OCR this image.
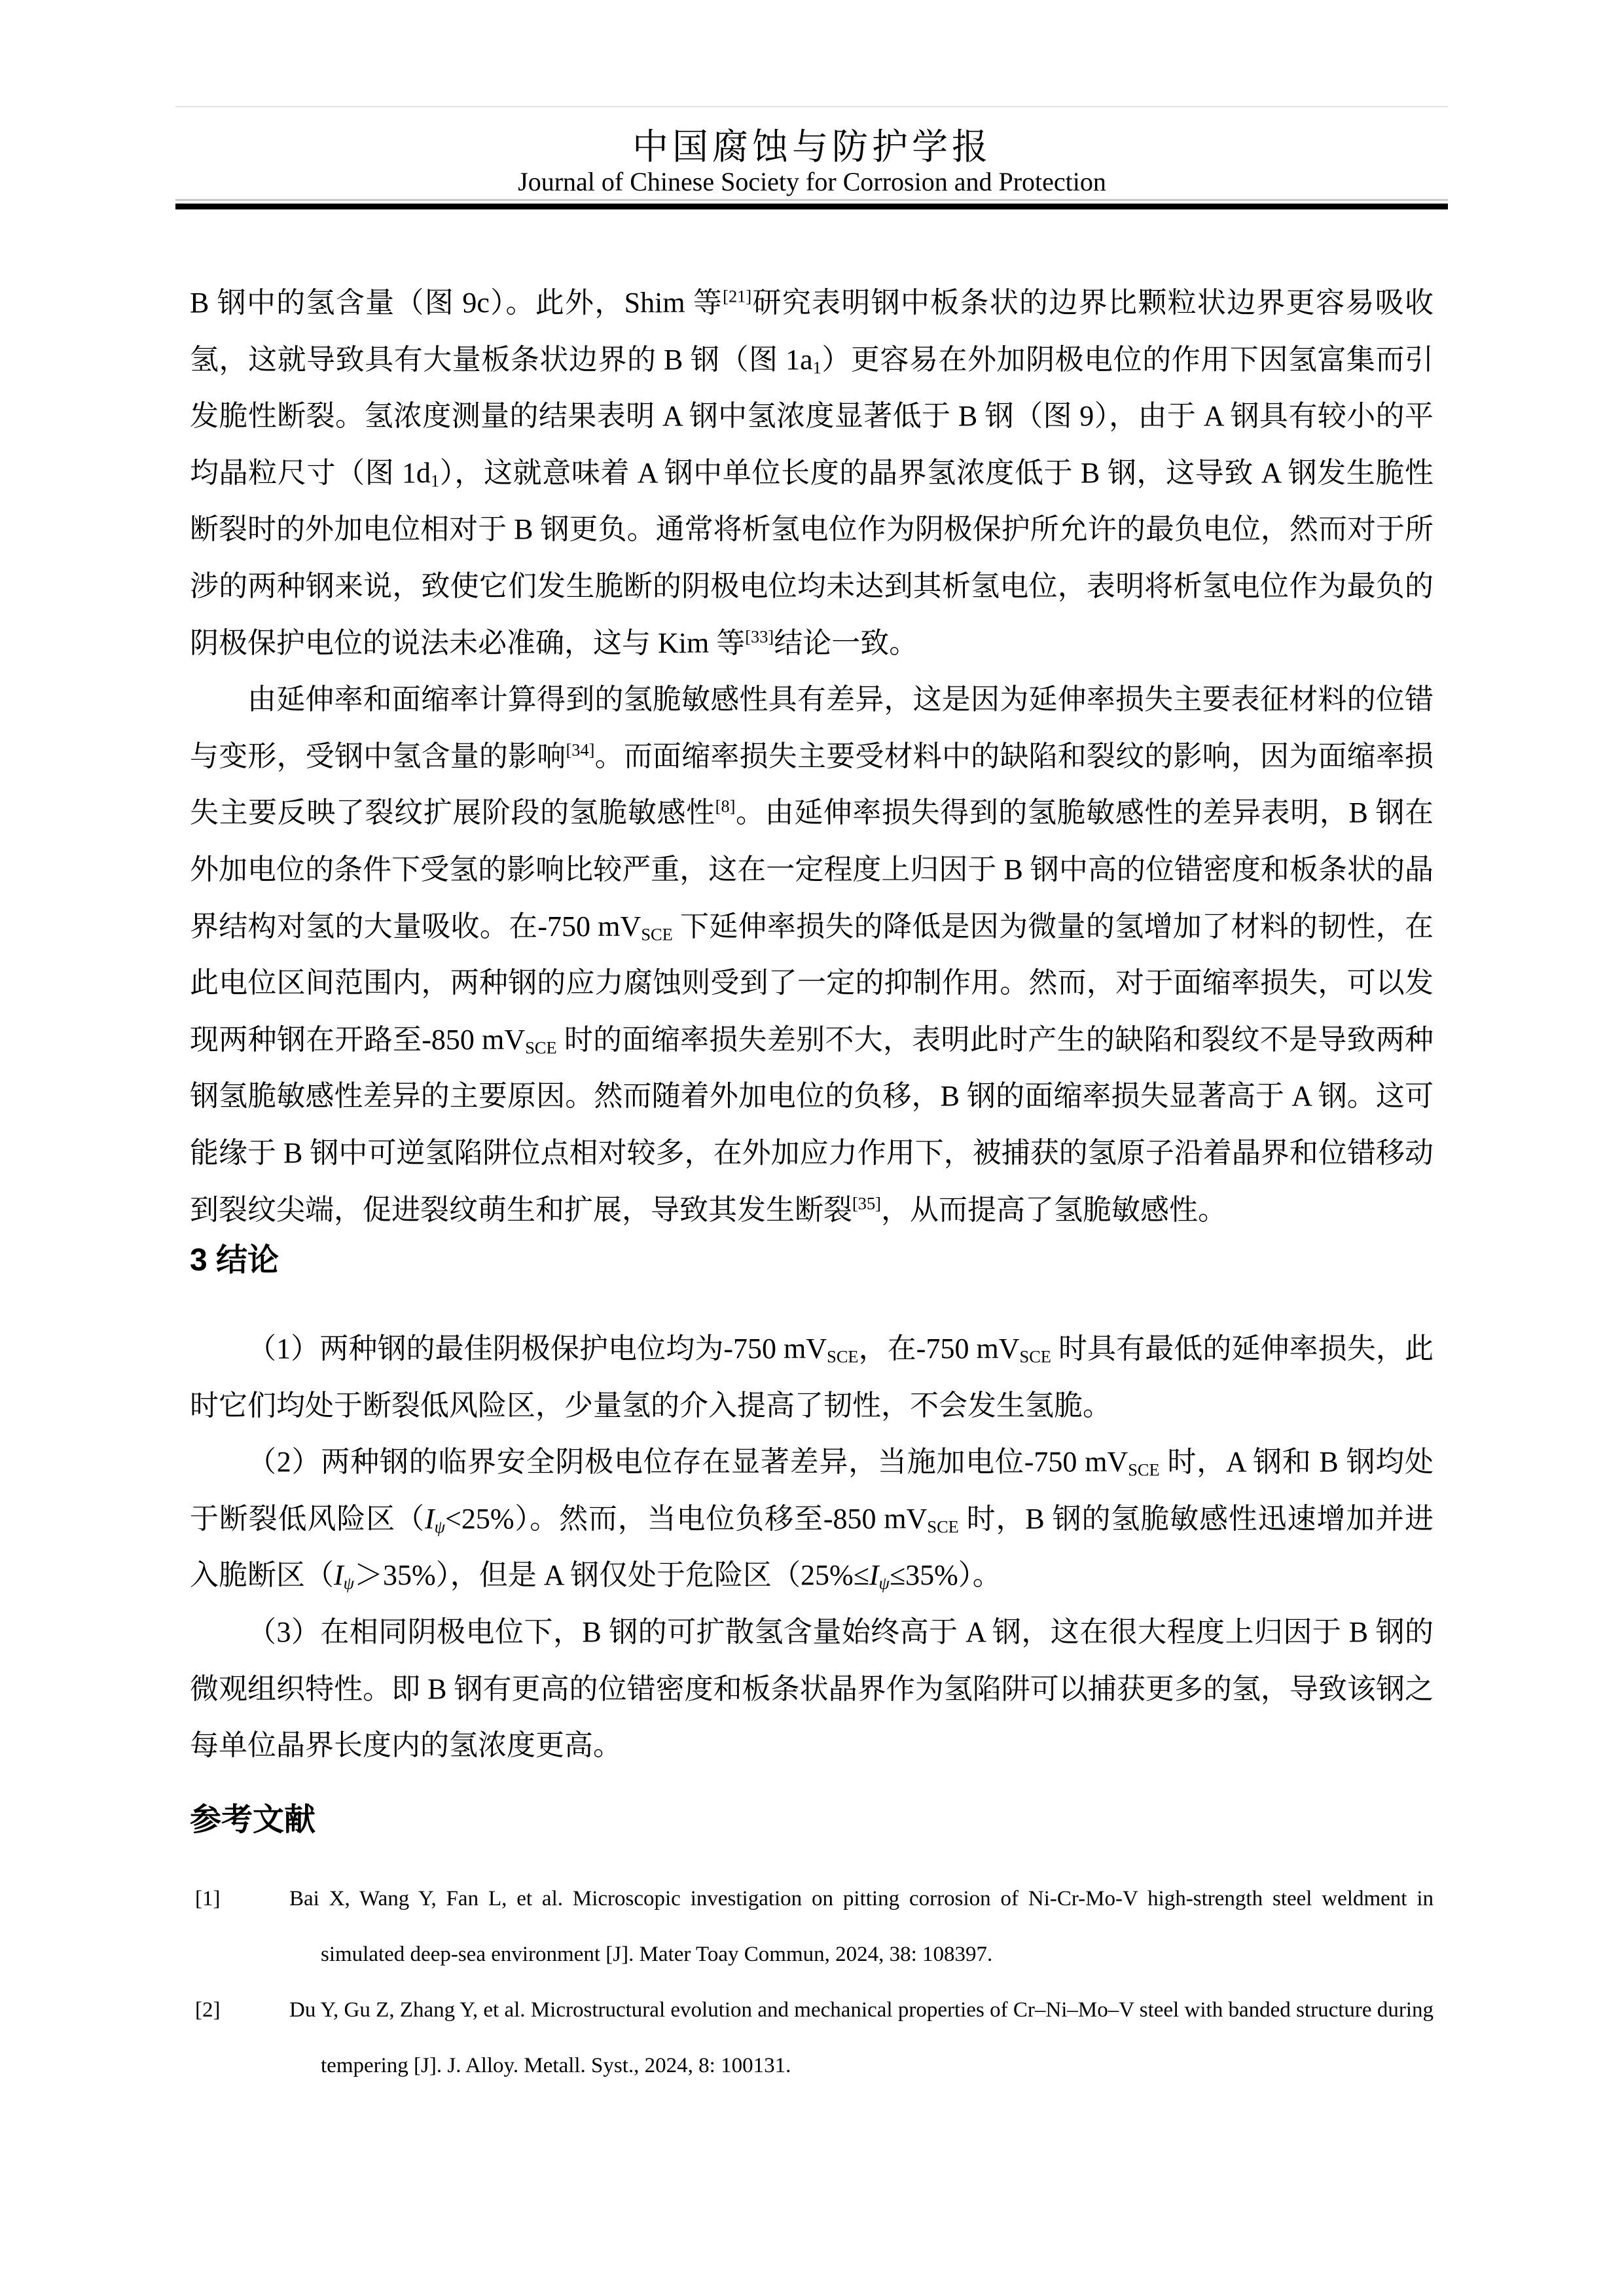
中国腐蚀与防护学报
Journal of Chinese Society for Corrosion and Protection

B 钢中的氢含量（图 9c）。此外，Shim 等[21]研究表明钢中板条状的边界比颗粒状边界更容易吸收氢，这就导致具有大量板条状边界的 B 钢（图 1a1）更容易在外加阴极电位的作用下因氢富集而引发脆性断裂。氢浓度测量的结果表明 A 钢中氢浓度显著低于 B 钢（图 9），由于 A 钢具有较小的平均晶粒尺寸（图 1d1），这就意味着 A 钢中单位长度的晶界氢浓度低于 B 钢，这导致 A 钢发生脆性断裂时的外加电位相对于 B 钢更负。通常将析氢电位作为阴极保护所允许的最负电位，然而对于所涉的两种钢来说，致使它们发生脆断的阴极电位均未达到其析氢电位，表明将析氢电位作为最负的阴极保护电位的说法未必准确，这与 Kim 等[33]结论一致。

由延伸率和面缩率计算得到的氢脆敏感性具有差异，这是因为延伸率损失主要表征材料的位错与变形，受钢中氢含量的影响[34]。而面缩率损失主要受材料中的缺陷和裂纹的影响，因为面缩率损失主要反映了裂纹扩展阶段的氢脆敏感性[8]。由延伸率损失得到的氢脆敏感性的差异表明，B 钢在外加电位的条件下受氢的影响比较严重，这在一定程度上归因于 B 钢中高的位错密度和板条状的晶界结构对氢的大量吸收。在-750 mVSCE 下延伸率损失的降低是因为微量的氢增加了材料的韧性，在此电位区间范围内，两种钢的应力腐蚀则受到了一定的抑制作用。然而，对于面缩率损失，可以发现两种钢在开路至-850 mVSCE 时的面缩率损失差别不大，表明此时产生的缺陷和裂纹不是导致两种钢氢脆敏感性差异的主要原因。然而随着外加电位的负移，B 钢的面缩率损失显著高于 A 钢。这可能缘于 B 钢中可逆氢陷阱位点相对较多，在外加应力作用下，被捕获的氢原子沿着晶界和位错移动到裂纹尖端，促进裂纹萌生和扩展，导致其发生断裂[35]，从而提高了氢脆敏感性。

3 结论

（1）两种钢的最佳阴极保护电位均为-750 mVSCE，在-750 mVSCE 时具有最低的延伸率损失，此时它们均处于断裂低风险区，少量氢的介入提高了韧性，不会发生氢脆。

（2）两种钢的临界安全阴极电位存在显著差异，当施加电位-750 mVSCE 时，A 钢和 B 钢均处于断裂低风险区（Iψ<25%）。然而，当电位负移至-850 mVSCE 时，B 钢的氢脆敏感性迅速增加并进入脆断区（Iψ＞35%），但是 A 钢仅处于危险区（25%≤Iψ≤35%）。

（3）在相同阴极电位下，B 钢的可扩散氢含量始终高于 A 钢，这在很大程度上归因于 B 钢的微观组织特性。即 B 钢有更高的位错密度和板条状晶界作为氢陷阱可以捕获更多的氢，导致该钢之每单位晶界长度内的氢浓度更高。

参考文献

[1]	Bai X, Wang Y, Fan L, et al. Microscopic investigation on pitting corrosion of Ni-Cr-Mo-V high-strength steel weldment in simulated deep-sea environment [J]. Mater Toay Commun, 2024, 38: 108397.

[2]	Du Y, Gu Z, Zhang Y, et al. Microstructural evolution and mechanical properties of Cr–Ni–Mo–V steel with banded structure during tempering [J]. J. Alloy. Metall. Syst., 2024, 8: 100131.
